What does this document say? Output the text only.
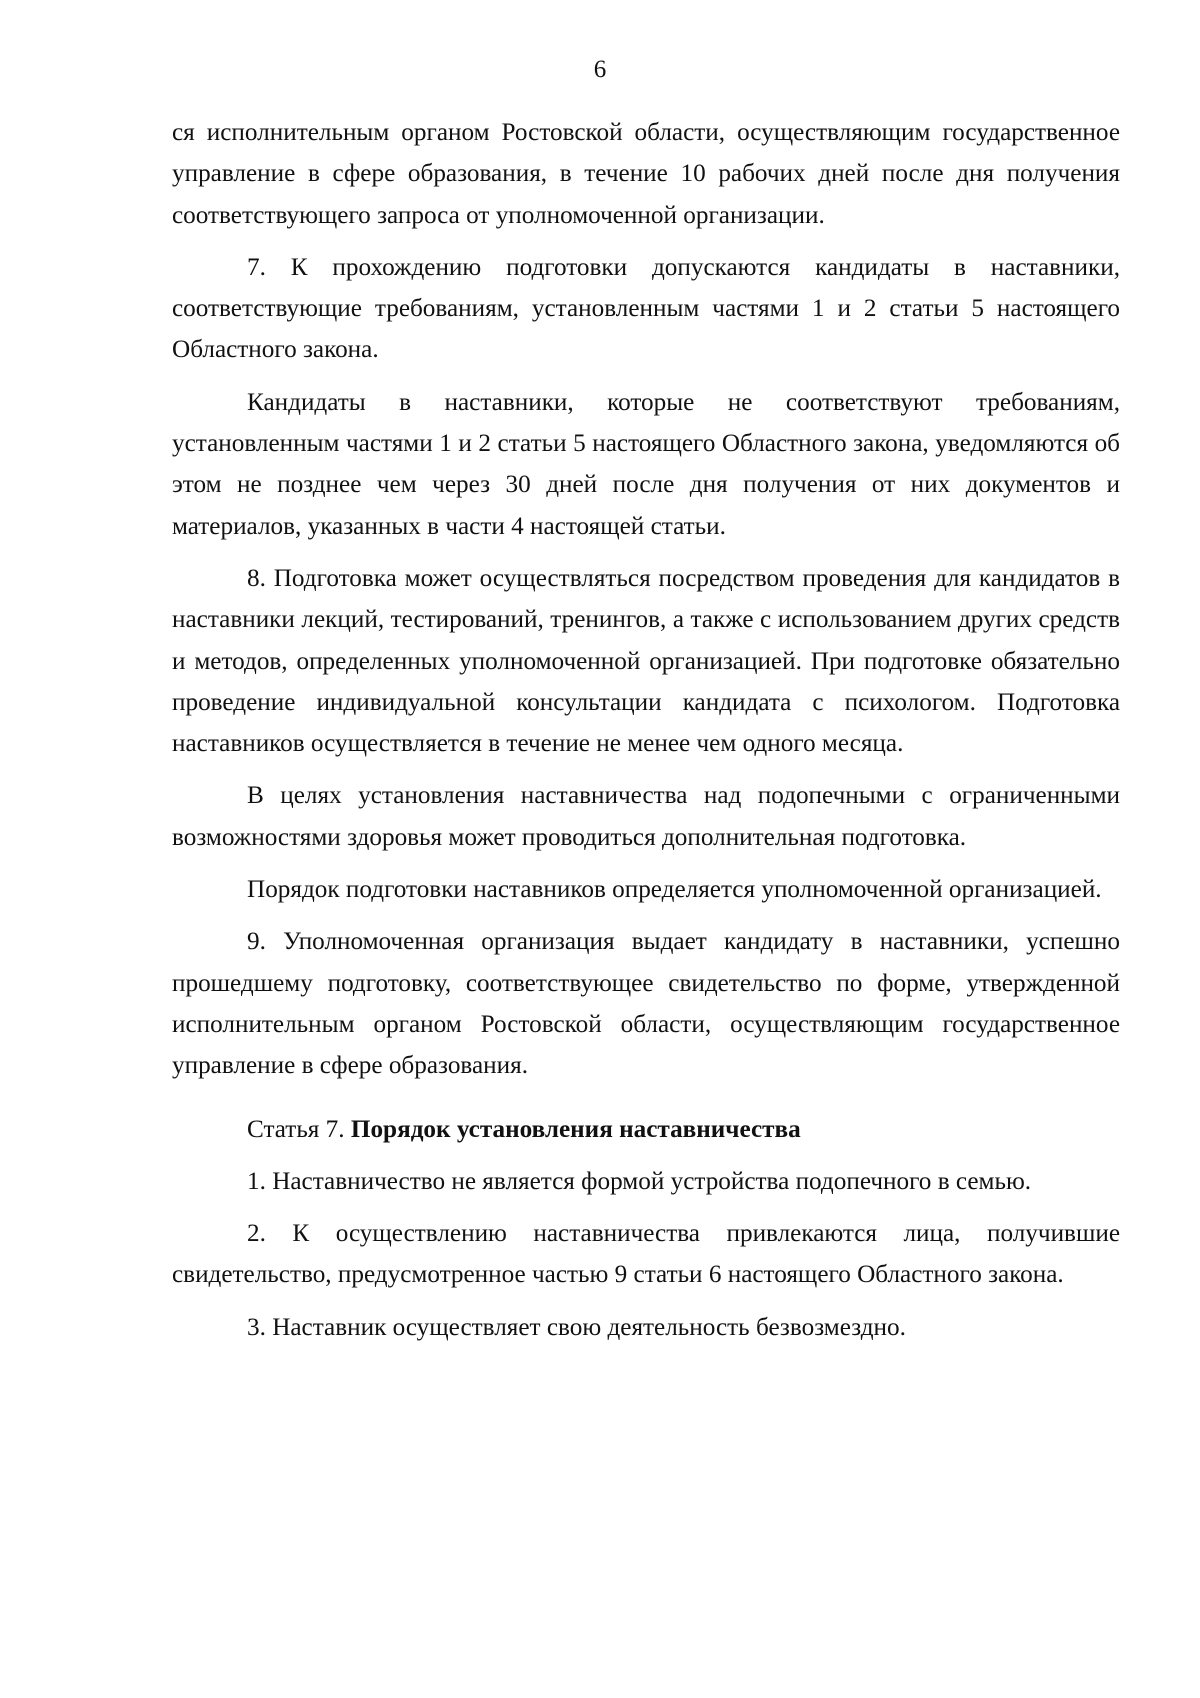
6

ся исполнительным органом Ростовской области, осуществляющим государственное управление в сфере образования, в течение 10 рабочих дней после дня получения соответствующего запроса от уполномоченной организации.

7. К прохождению подготовки допускаются кандидаты в наставники, соответствующие требованиям, установленным частями 1 и 2 статьи 5 настоящего Областного закона.

Кандидаты в наставники, которые не соответствуют требованиям, установленным частями 1 и 2 статьи 5 настоящего Областного закона, уведомляются об этом не позднее чем через 30 дней после дня получения от них документов и материалов, указанных в части 4 настоящей статьи.

8. Подготовка может осуществляться посредством проведения для кандидатов в наставники лекций, тестирований, тренингов, а также с использованием других средств и методов, определенных уполномоченной организацией. При подготовке обязательно проведение индивидуальной консультации кандидата с психологом. Подготовка наставников осуществляется в течение не менее чем одного месяца.

В целях установления наставничества над подопечными с ограниченными возможностями здоровья может проводиться дополнительная подготовка.

Порядок подготовки наставников определяется уполномоченной организацией.

9. Уполномоченная организация выдает кандидату в наставники, успешно прошедшему подготовку, соответствующее свидетельство по форме, утвержденной исполнительным органом Ростовской области, осуществляющим государственное управление в сфере образования.

Статья 7. Порядок установления наставничества

1. Наставничество не является формой устройства подопечного в семью.

2. К осуществлению наставничества привлекаются лица, получившие свидетельство, предусмотренное частью 9 статьи 6 настоящего Областного закона.

3. Наставник осуществляет свою деятельность безвозмездно.
